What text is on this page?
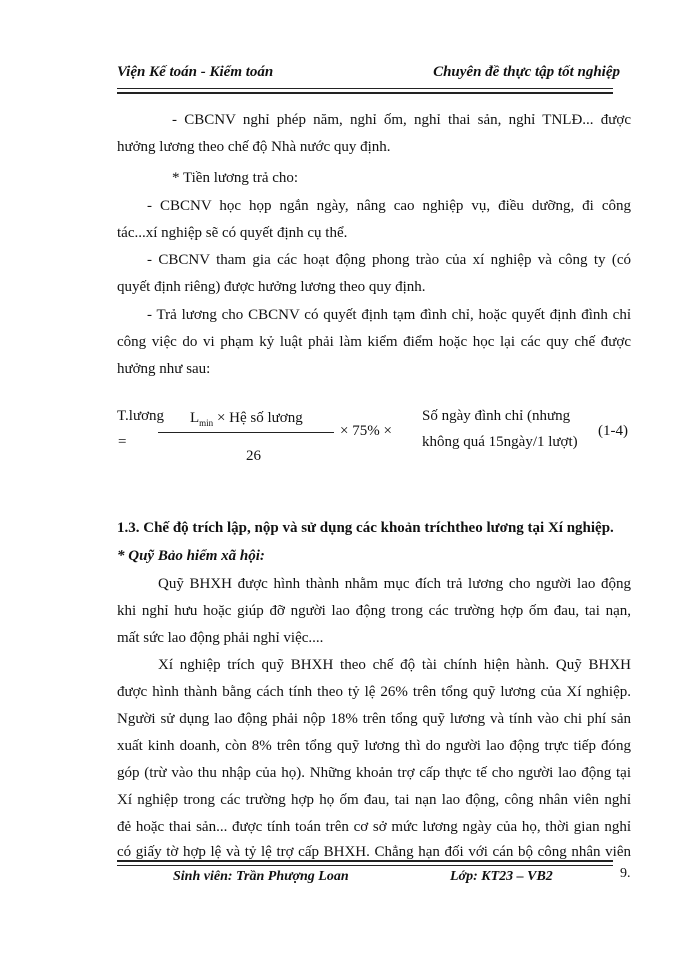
Viện Kế toán - Kiểm toán	Chuyên đề thực tập tốt nghiệp
- CBCNV nghỉ phép năm, nghỉ ốm, nghỉ thai sản, nghỉ TNLĐ... được
hưởng lương theo chế độ Nhà nước quy định.
* Tiền lương trả cho:
- CBCNV học họp ngắn ngày, nâng cao nghiệp vụ, điều dưỡng, đi công
tác...xí nghiệp sẽ có quyết định cụ thể.
- CBCNV tham gia các hoạt động phong trào của xí nghiệp và công ty (có
quyết định riêng) được hưởng lương theo quy định.
- Trả lương cho CBCNV có quyết định tạm đình chỉ, hoặc quyết định đình chỉ
công việc do vi phạm kỷ luật phải làm kiểm điểm hoặc học lại các quy chế được
hưởng như sau:
T.lương
=
$L_{min}$ × Hệ số lương
26
× 75% ×
Số ngày đình chỉ (nhưng
không quá 15ngày/1 lượt)
(1-4)
1.3. Chế độ trích lập, nộp và sử dụng các khoản tríchtheo lương tại Xí nghiệp.
* Quỹ Bảo hiểm xã hội:
Quỹ BHXH được hình thành nhằm mục đích trả lương cho người lao động
khi nghỉ hưu hoặc giúp đỡ người lao động trong các trường hợp ốm đau, tai nạn,
mất sức lao động phải nghỉ việc....
Xí nghiệp trích quỹ BHXH theo chế độ tài chính hiện hành. Quỹ BHXH
được hình thành bằng cách tính theo tỷ lệ 26% trên tổng quỹ lương của Xí nghiệp.
Người sử dụng lao động phải nộp 18% trên tổng quỹ lương và tính vào chi phí sản
xuất kinh doanh, còn 8% trên tổng quỹ lương thì do người lao động trực tiếp đóng
góp (trừ vào thu nhập của họ). Những khoản trợ cấp thực tế cho người lao động tại
Xí nghiệp trong các trường hợp họ ốm đau, tai nạn lao động, công nhân viên nghỉ
đẻ hoặc thai sản... được tính toán trên cơ sở mức lương ngày của họ, thời gian nghỉ
có giấy tờ hợp lệ và tỷ lệ trợ cấp BHXH. Chẳng hạn đối với cán bộ công nhân viên
Sinh viên: Trần Phượng Loan	Lớp: KT23 – VB2	9.
